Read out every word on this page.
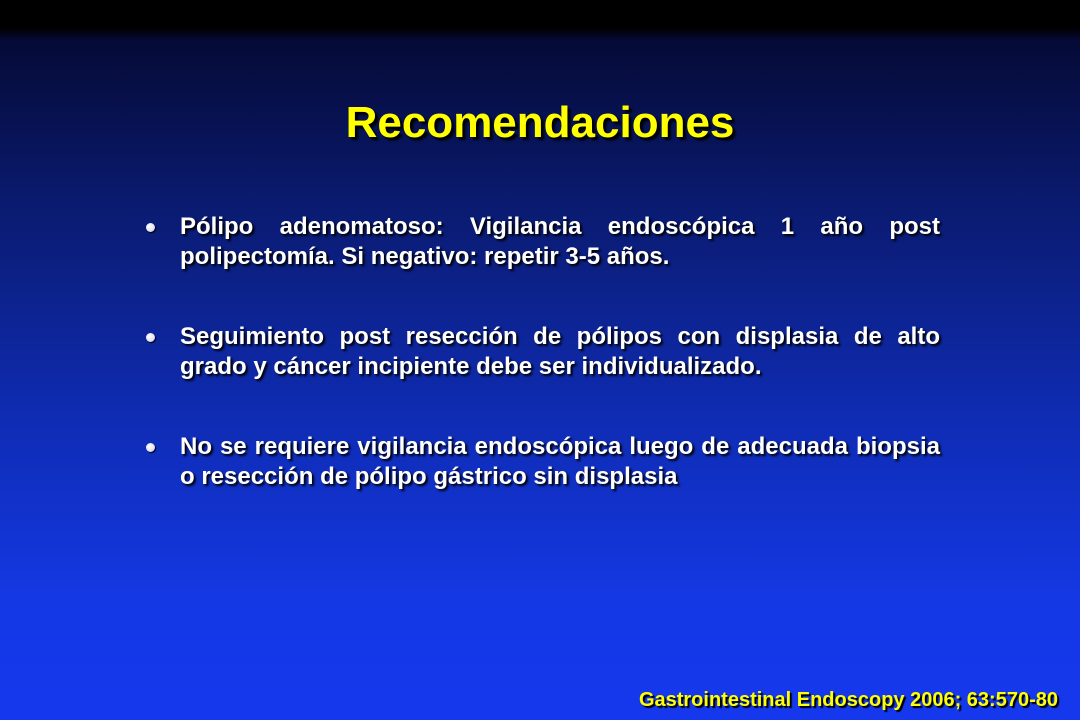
Recomendaciones
Pólipo adenomatoso: Vigilancia endoscópica 1 año post polipectomía. Si negativo: repetir 3-5 años.
Seguimiento post resección de pólipos con displasia de alto grado y cáncer incipiente debe ser individualizado.
No se requiere vigilancia endoscópica luego de adecuada biopsia o resección de pólipo gástrico sin displasia
Gastrointestinal Endoscopy 2006; 63:570-80
